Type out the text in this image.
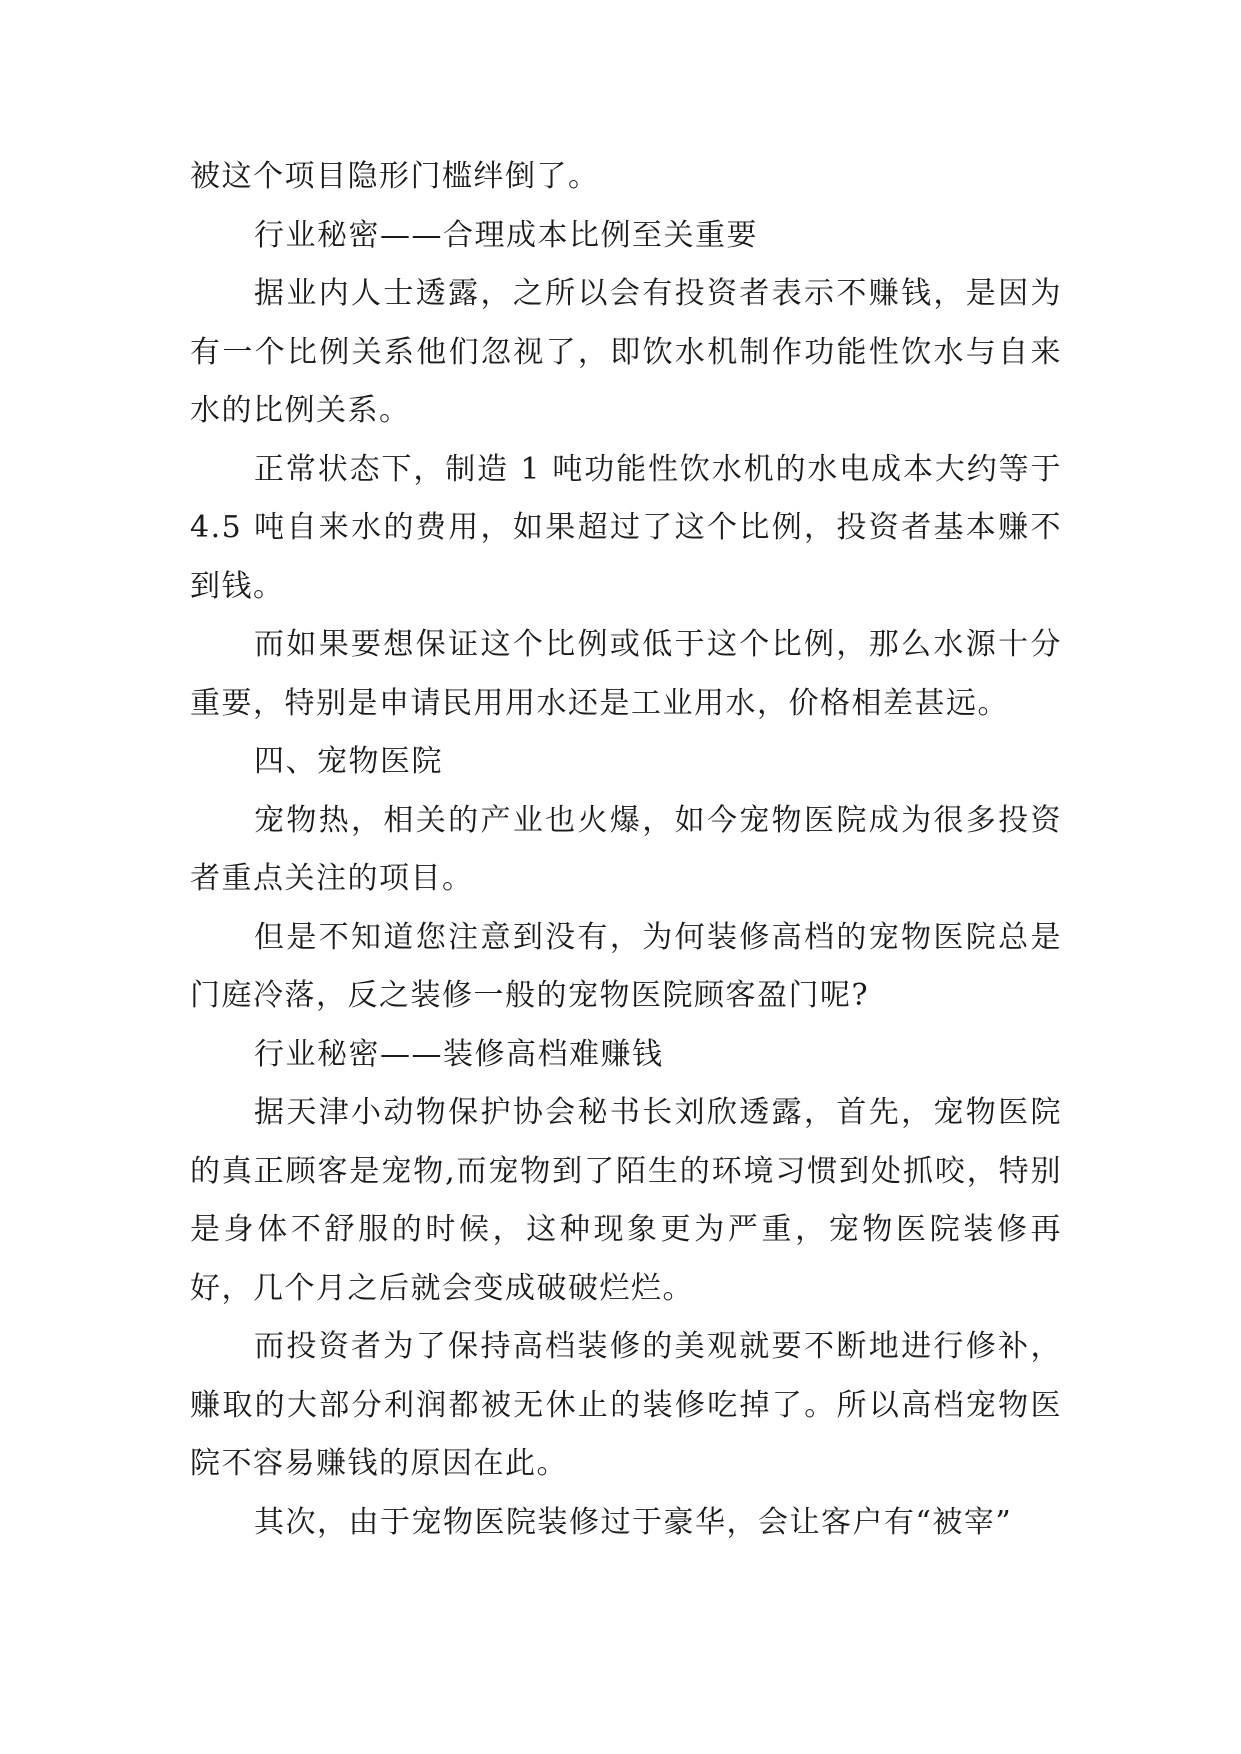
被这个项目隐形门槛绊倒了。

行业秘密——合理成本比例至关重要

据业内人士透露，之所以会有投资者表示不赚钱，是因为有一个比例关系他们忽视了，即饮水机制作功能性饮水与自来水的比例关系。

正常状态下，制造 1 吨功能性饮水机的水电成本大约等于 4.5 吨自来水的费用，如果超过了这个比例，投资者基本赚不到钱。

而如果要想保证这个比例或低于这个比例，那么水源十分重要，特别是申请民用用水还是工业用水，价格相差甚远。

四、宠物医院

宠物热，相关的产业也火爆，如今宠物医院成为很多投资者重点关注的项目。

但是不知道您注意到没有，为何装修高档的宠物医院总是门庭冷落，反之装修一般的宠物医院顾客盈门呢?

行业秘密——装修高档难赚钱

据天津小动物保护协会秘书长刘欣透露，首先，宠物医院的真正顾客是宠物,而宠物到了陌生的环境习惯到处抓咬，特别是身体不舒服的时候，这种现象更为严重，宠物医院装修再好，几个月之后就会变成破破烂烂。

而投资者为了保持高档装修的美观就要不断地进行修补，赚取的大部分利润都被无休止的装修吃掉了。所以高档宠物医院不容易赚钱的原因在此。

其次，由于宠物医院装修过于豪华，会让客户有“被宰”
